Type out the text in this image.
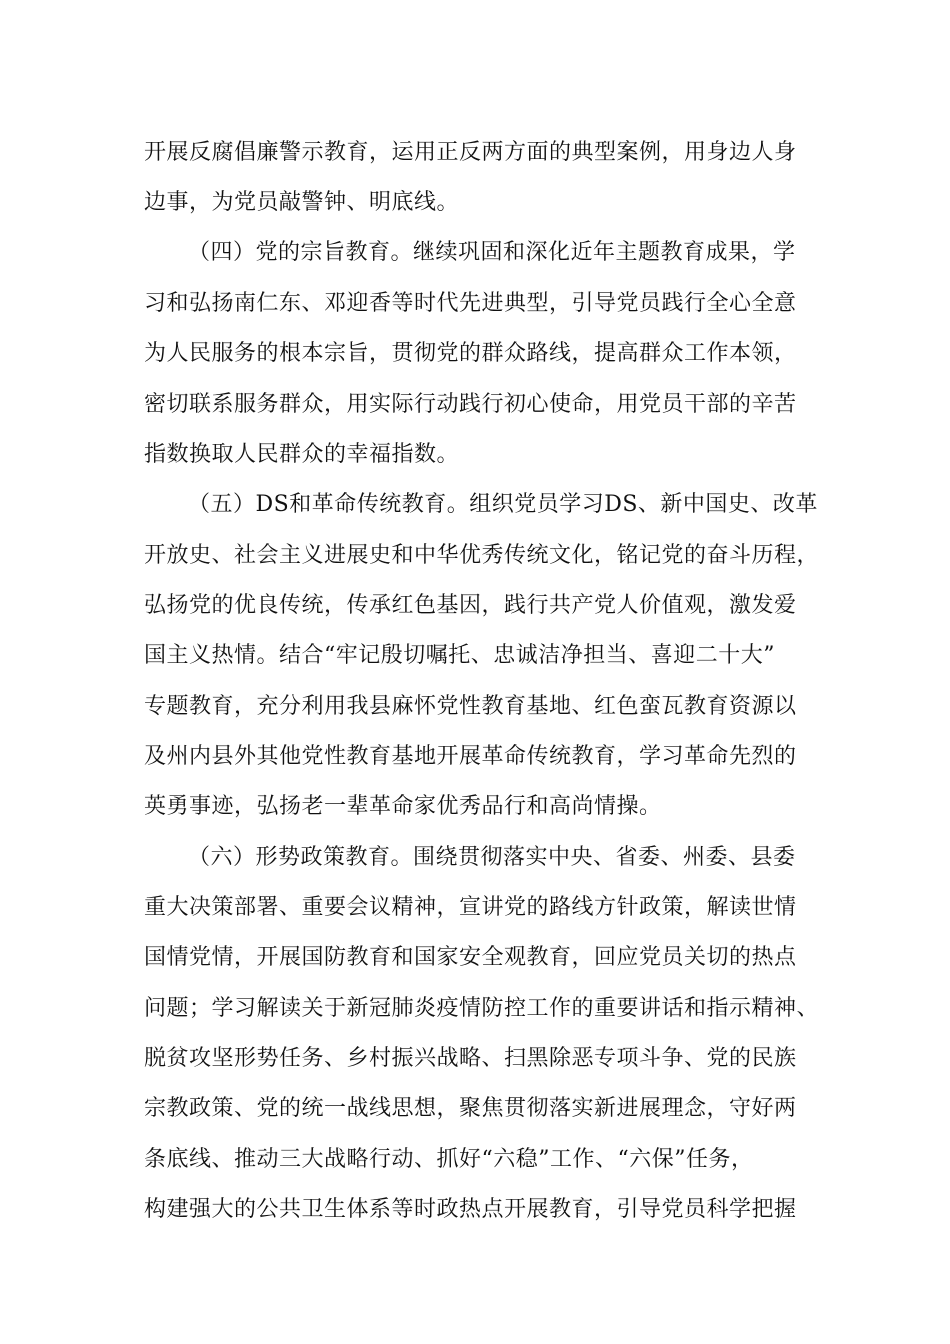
开展反腐倡廉警示教育，运用正反两方面的典型案例，用身边人身
边事，为党员敲警钟、明底线。
（四）党的宗旨教育。继续巩固和深化近年主题教育成果，学
习和弘扬南仁东、邓迎香等时代先进典型，引导党员践行全心全意
为人民服务的根本宗旨，贯彻党的群众路线，提高群众工作本领，
密切联系服务群众，用实际行动践行初心使命，用党员干部的辛苦
指数换取人民群众的幸福指数。
（五）DS和革命传统教育。组织党员学习DS、新中国史、改革
开放史、社会主义进展史和中华优秀传统文化，铭记党的奋斗历程，
弘扬党的优良传统，传承红色基因，践行共产党人价值观，激发爱
国主义热情。结合“牢记殷切嘱托、忠诚洁净担当、喜迎二十大”
专题教育，充分利用我县麻怀党性教育基地、红色蛮瓦教育资源以
及州内县外其他党性教育基地开展革命传统教育，学习革命先烈的
英勇事迹，弘扬老一辈革命家优秀品行和高尚情操。
（六）形势政策教育。围绕贯彻落实中央、省委、州委、县委
重大决策部署、重要会议精神，宣讲党的路线方针政策，解读世情
国情党情，开展国防教育和国家安全观教育，回应党员关切的热点
问题；学习解读关于新冠肺炎疫情防控工作的重要讲话和指示精神、
脱贫攻坚形势任务、乡村振兴战略、扫黑除恶专项斗争、党的民族
宗教政策、党的统一战线思想，聚焦贯彻落实新进展理念，守好两
条底线、推动三大战略行动、抓好“六稳”工作、“六保”任务，
构建强大的公共卫生体系等时政热点开展教育，引导党员科学把握
